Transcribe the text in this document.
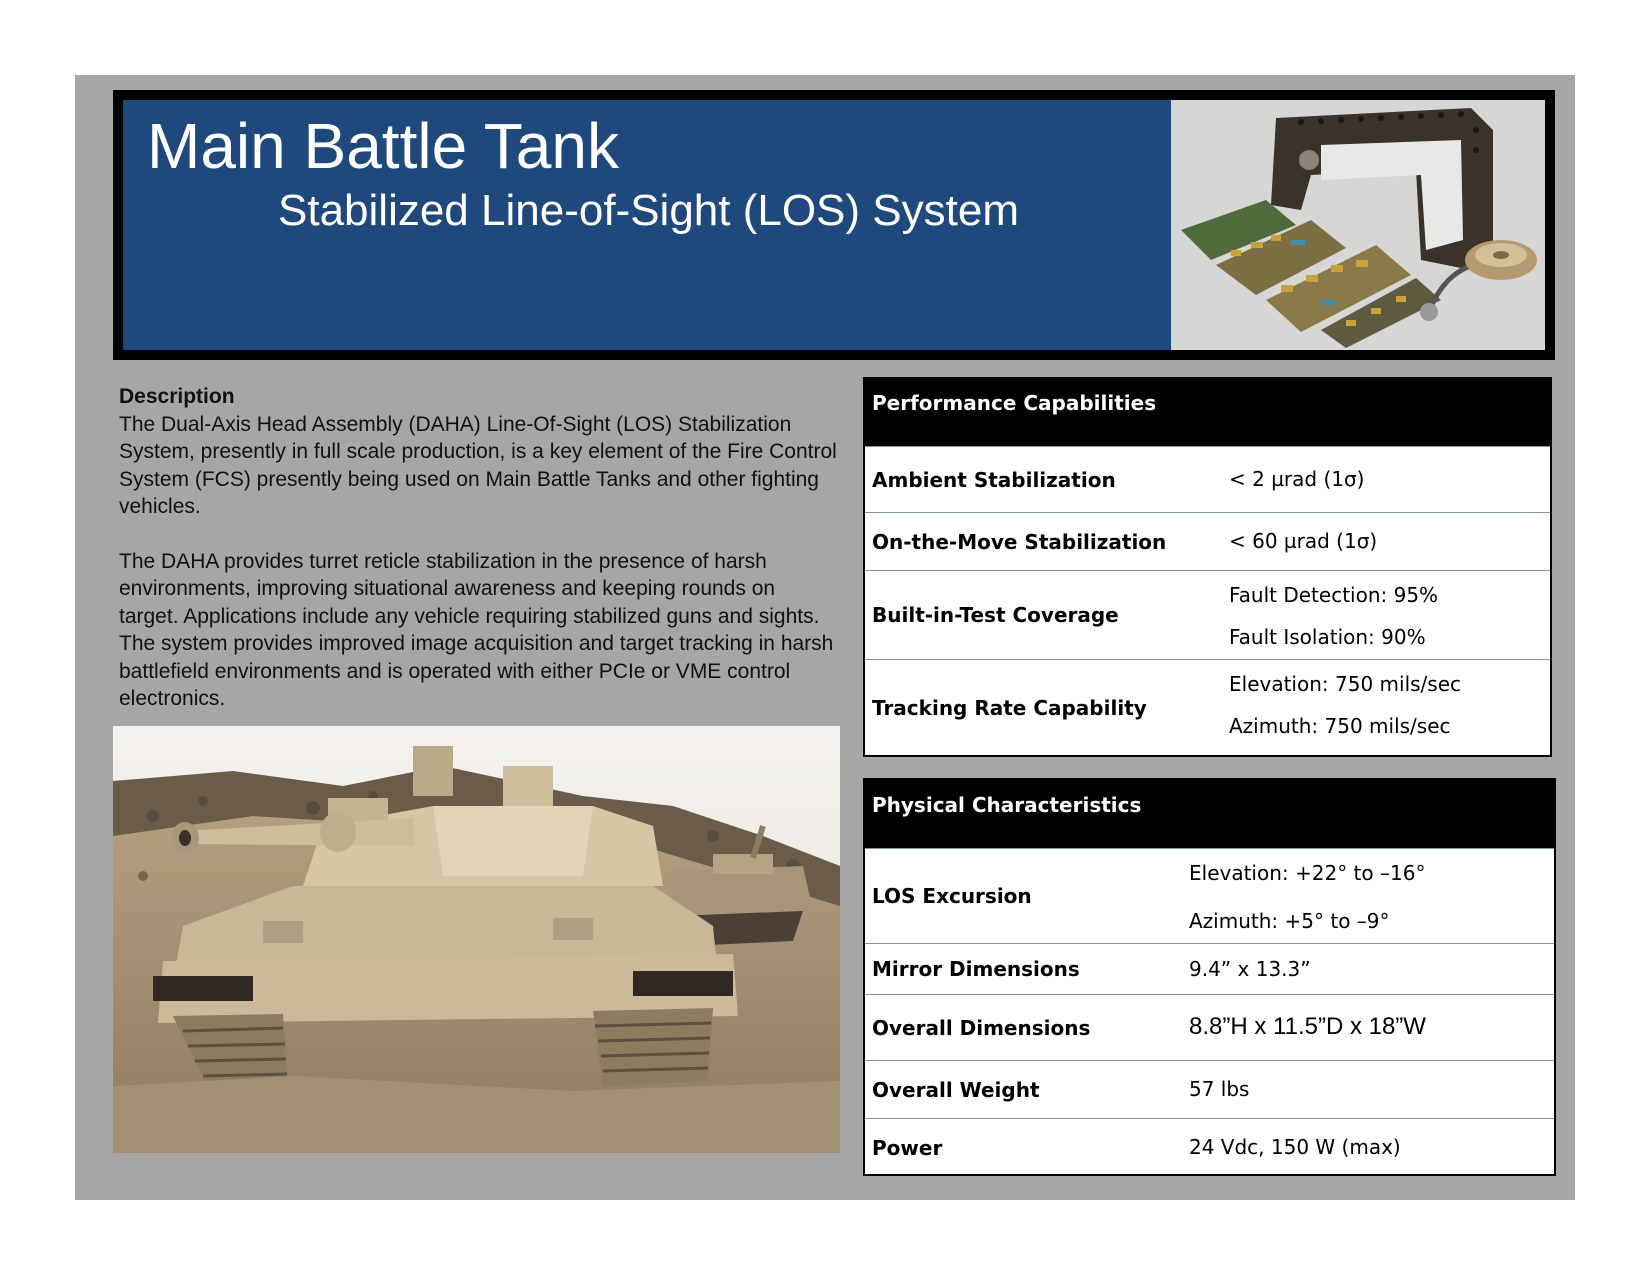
Main Battle Tank
Stabilized Line-of-Sight (LOS) System
Description

The Dual-Axis Head Assembly (DAHA) Line-Of-Sight (LOS) Stabilization System, presently in full scale production, is a key element of the Fire Control System (FCS) presently being used on Main Battle Tanks and other fighting vehicles.

The DAHA provides turret reticle stabilization in the presence of harsh environments, improving situational awareness and keeping rounds on target. Applications include any vehicle requiring stabilized guns and sights. The system provides improved image acquisition and target tracking in harsh battlefield environments and is operated with either PCIe or VME control electronics.

Performance Capabilities
Ambient Stabilization	< 2 µrad (1σ)
On-the-Move Stabilization	< 60 µrad (1σ)
Built-in-Test Coverage
Fault Detection: 95%
Fault Isolation: 90%
Tracking Rate Capability
Elevation: 750 mils/sec
Azimuth: 750 mils/sec
Physical Characteristics
LOS Excursion
Elevation: +22° to –16°
Azimuth: +5° to –9°
Mirror Dimensions	9.4” x 13.3”
Overall Dimensions	8.8”H x 11.5”D x 18”W
Overall Weight	57 lbs
Power	24 Vdc, 150 W (max)
